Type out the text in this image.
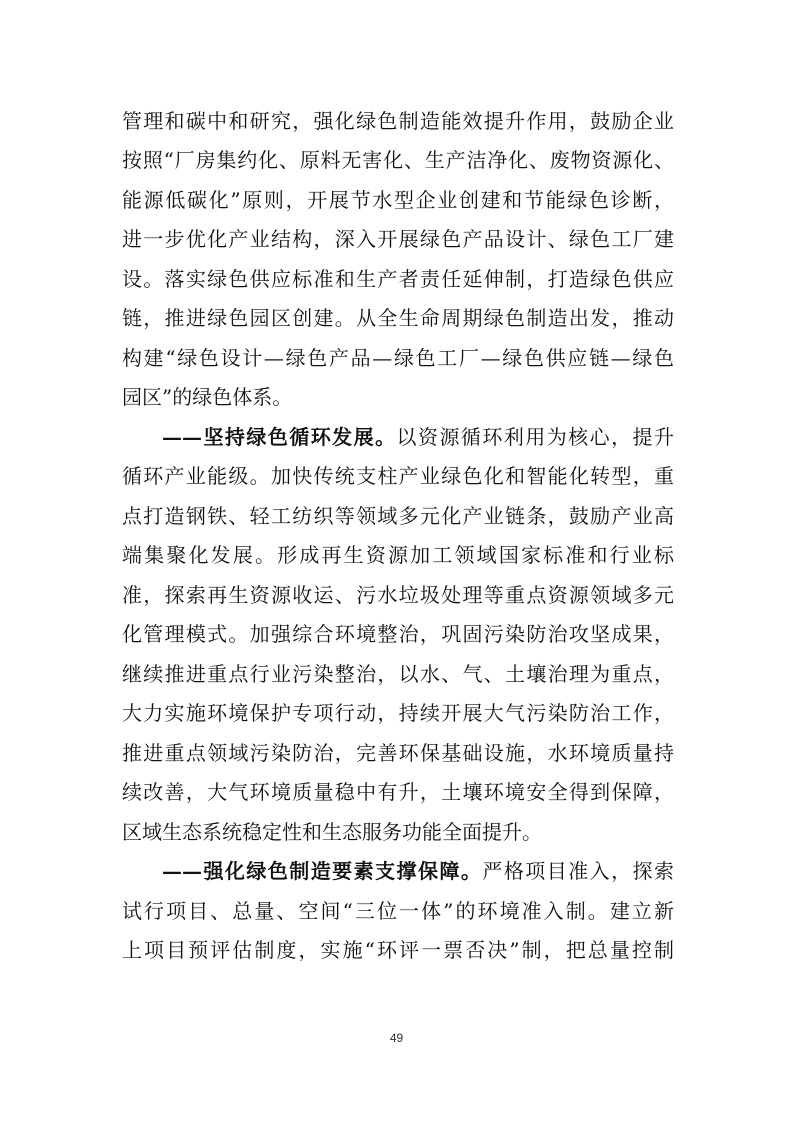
管理和碳中和研究，强化绿色制造能效提升作用，鼓励企业
按照“厂房集约化、原料无害化、生产洁净化、废物资源化、
能源低碳化”原则，开展节水型企业创建和节能绿色诊断，
进一步优化产业结构，深入开展绿色产品设计、绿色工厂建
设。落实绿色供应标准和生产者责任延伸制，打造绿色供应
链，推进绿色园区创建。从全生命周期绿色制造出发，推动
构建“绿色设计—绿色产品—绿色工厂—绿色供应链—绿色
园区”的绿色体系。
——坚持绿色循环发展。以资源循环利用为核心，提升
循环产业能级。加快传统支柱产业绿色化和智能化转型，重
点打造钢铁、轻工纺织等领域多元化产业链条，鼓励产业高
端集聚化发展。形成再生资源加工领域国家标准和行业标
准，探索再生资源收运、污水垃圾处理等重点资源领域多元
化管理模式。加强综合环境整治，巩固污染防治攻坚成果，
继续推进重点行业污染整治，以水、气、土壤治理为重点，
大力实施环境保护专项行动，持续开展大气污染防治工作，
推进重点领域污染防治，完善环保基础设施，水环境质量持
续改善，大气环境质量稳中有升，土壤环境安全得到保障，
区域生态系统稳定性和生态服务功能全面提升。
——强化绿色制造要素支撑保障。严格项目准入，探索
试行项目、总量、空间“三位一体”的环境准入制。建立新
上项目预评估制度，实施“环评一票否决”制，把总量控制
49
